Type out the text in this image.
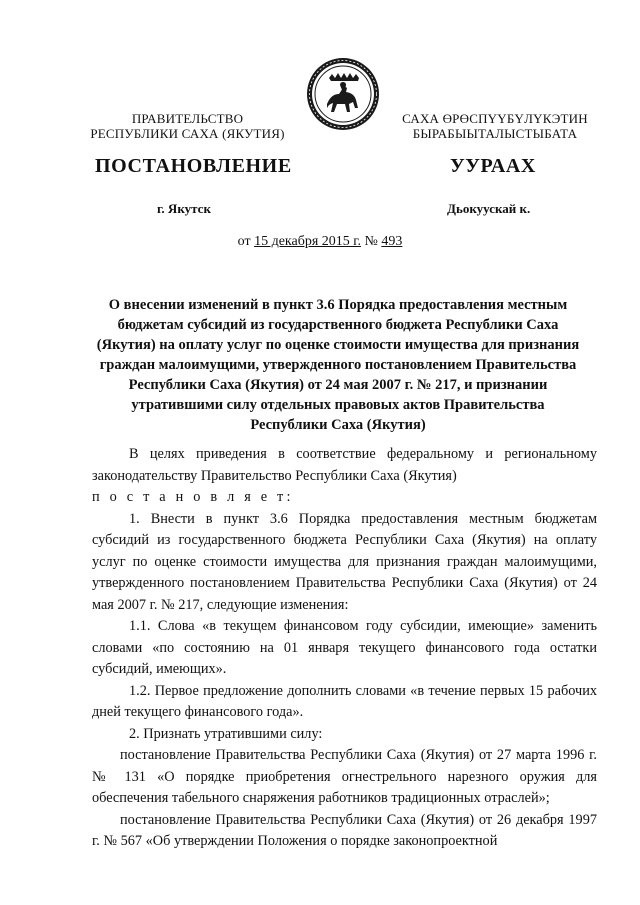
ПРАВИТЕЛЬСТВО
РЕСПУБЛИКИ САХА (ЯКУТИЯ)
САХА ӨРӨСПҮҮБҮЛҮКЭТИН
БЫРАБЫЫТАЛЫСТЫБАТА
ПОСТАНОВЛЕНИЕ	УУРААХ
г. Якутск	Дьокуускай к.
от 15 декабря 2015 г. № 493
О внесении изменений в пункт 3.6 Порядка предоставления местным
бюджетам субсидий из государственного бюджета Республики Саха
(Якутия) на оплату услуг по оценке стоимости имущества для признания
граждан малоимущими, утвержденного постановлением Правительства
Республики Саха (Якутия) от 24 мая 2007 г. № 217, и признании
утратившими силу отдельных правовых актов Правительства
Республики Саха (Якутия)

В целях приведения в соответствие федеральному и региональному законодательству Правительство Республики Саха (Якутия)

п о с т а н о в л я е т:

1. Внести в пункт 3.6 Порядка предоставления местным бюджетам субсидий из государственного бюджета Республики Саха (Якутия) на оплату услуг по оценке стоимости имущества для признания граждан малоимущими, утвержденного постановлением Правительства Республики Саха (Якутия) от 24 мая 2007 г. № 217, следующие изменения:

1.1. Слова «в текущем финансовом году субсидии, имеющие» заменить словами «по состоянию на 01 января текущего финансового года остатки субсидий, имеющих».

1.2. Первое предложение дополнить словами «в течение первых 15 рабочих дней текущего финансового года».

2. Признать утратившими силу:

постановление Правительства Республики Саха (Якутия) от 27 марта 1996 г. № 131 «О порядке приобретения огнестрельного нарезного оружия для обеспечения табельного снаряжения работников традиционных отраслей»;

постановление Правительства Республики Саха (Якутия) от 26 декабря 1997 г. № 567 «Об утверждении Положения о порядке законопроектной
